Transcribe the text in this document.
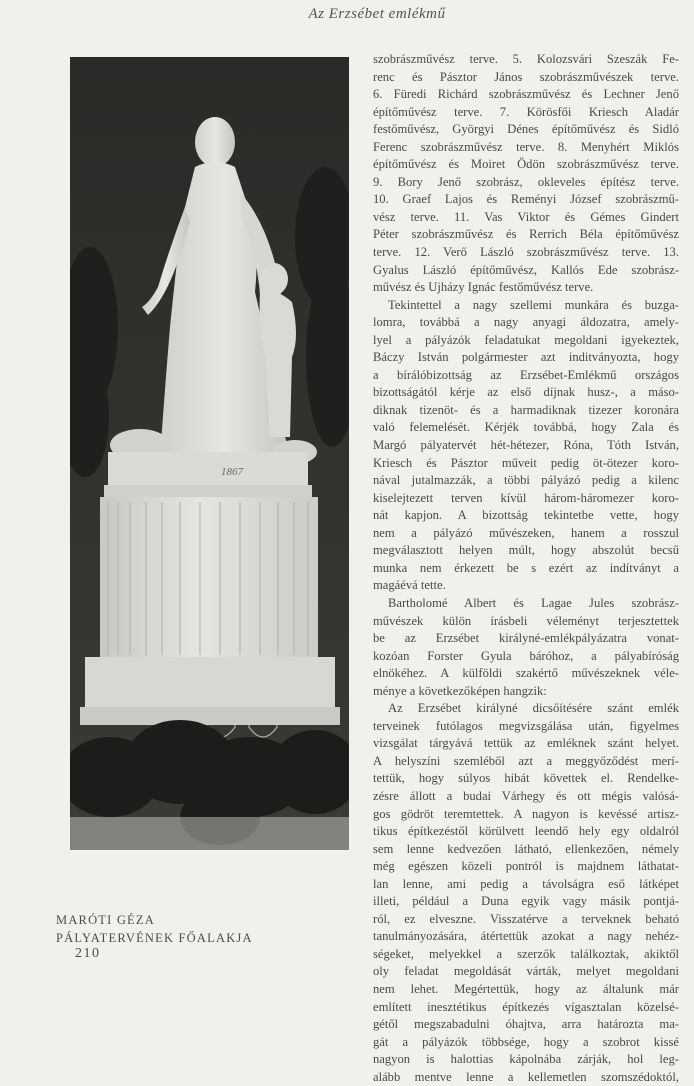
Az Erzsébet emlékmű
1867
MARÓTI GÉZA
PÁLYATERVÉNEK FŐALAKJA
210

szobrászművész terve. 5. Kolozsvári Szeszák Fe-
renc és Pásztor János szobrászművészek terve.
6. Füredi Richárd szobrászművész és Lechner Jenő
építőművész terve. 7. Körösfői Kriesch Aladár
festőművész, Györgyi Dénes építőművész és Sidló
Ferenc szobrászművész terve. 8. Menyhért Miklós
építőművész és Moiret Ödön szobrászművész terve.
9. Bory Jenő szobrász, okleveles építész terve.
10. Graef Lajos és Reményi József szobrászmű-
vész terve. 11. Vas Viktor és Gémes Gindert
Péter szobrászművész és Rerrich Béla építőművész
terve. 12. Verő László szobrászművész terve. 13.
Gyalus László építőművész, Kallós Ede szobrász-
művész és Ujházy Ignác festőművész terve.

Tekintettel a nagy szellemi munkára és buzga-
lomra, továbbá a nagy anyagi áldozatra, amely-
lyel a pályázók feladatukat megoldani igyekeztek,
Báczy István polgármester azt inditványozta, hogy
a bírálóbizottság az Erzsébet-Emlékmű országos
bizottságától kérje az első díjnak husz-, a máso-
diknak tizenöt- és a harmadiknak tizezer koronára
való felemelését. Kérjék továbbá, hogy Zala és
Margó pályatervét hét-hétezer, Róna, Tóth István,
Kriesch és Pásztor műveit pedig öt-ötezer koro-
nával jutalmazzák, a többi pályázó pedig a kilenc
kiselejtezett terven kívül három-háromezer koro-
nát kapjon. A bizottság tekintetbe vette, hogy
nem a pályázó művészeken, hanem a rosszul
megválasztott helyen múlt, hogy abszolút becsű
munka nem érkezett be s ezért az indítványt a
magáévá tette.

Bartholomé Albert és Lagae Jules szobrász-
művészek külön írásbeli véleményt terjesztettek
be az Erzsébet királyné-emlékpályázatra vonat-
kozóan Forster Gyula báróhoz, a pályabíróság
elnökéhez. A külföldi szakértő művészeknek véle-
ménye a következőképen hangzik:

Az Erzsébet királyné dicsőítésére szánt emlék
terveinek futólagos megvizsgálása után, figyelmes
vizsgálat tárgyává tettük az emléknek szánt helyet.
A helyszíni szemléből azt a meggyőződést merí-
tettük, hogy súlyos hibát követtek el. Rendelke-
zésre állott a budai Várhegy és ott mégis valósá-
gos gödröt teremtettek. A nagyon is kevéssé artisz-
tikus építkezéstől körülvett leendő hely egy oldalról
sem lenne kedvezően látható, ellenkezően, némely
még egészen közeli pontról is majdnem láthatat-
lan lenne, ami pedig a távolságra eső látképet
illeti, például a Duna egyik vagy másik pontjá-
ról, ez elveszne. Visszatérve a terveknek beható
tanulmányozására, átértettük azokat a nagy nehéz-
ségeket, melyekkel a szerzők találkoztak, akiktől
oly feladat megoldását várták, melyet megoldani
nem lehet. Megértettük, hogy az általunk már
említett inesztétikus építkezés vígasztalan közelsé-
gétől megszabadulni óhajtva, arra határozta ma-
gát a pályázók többsége, hogy a szobrot kissé
nagyon is halottias kápolnába zárják, hol leg-
alább mentve lenne a kellemetlen szomszédoktól,
